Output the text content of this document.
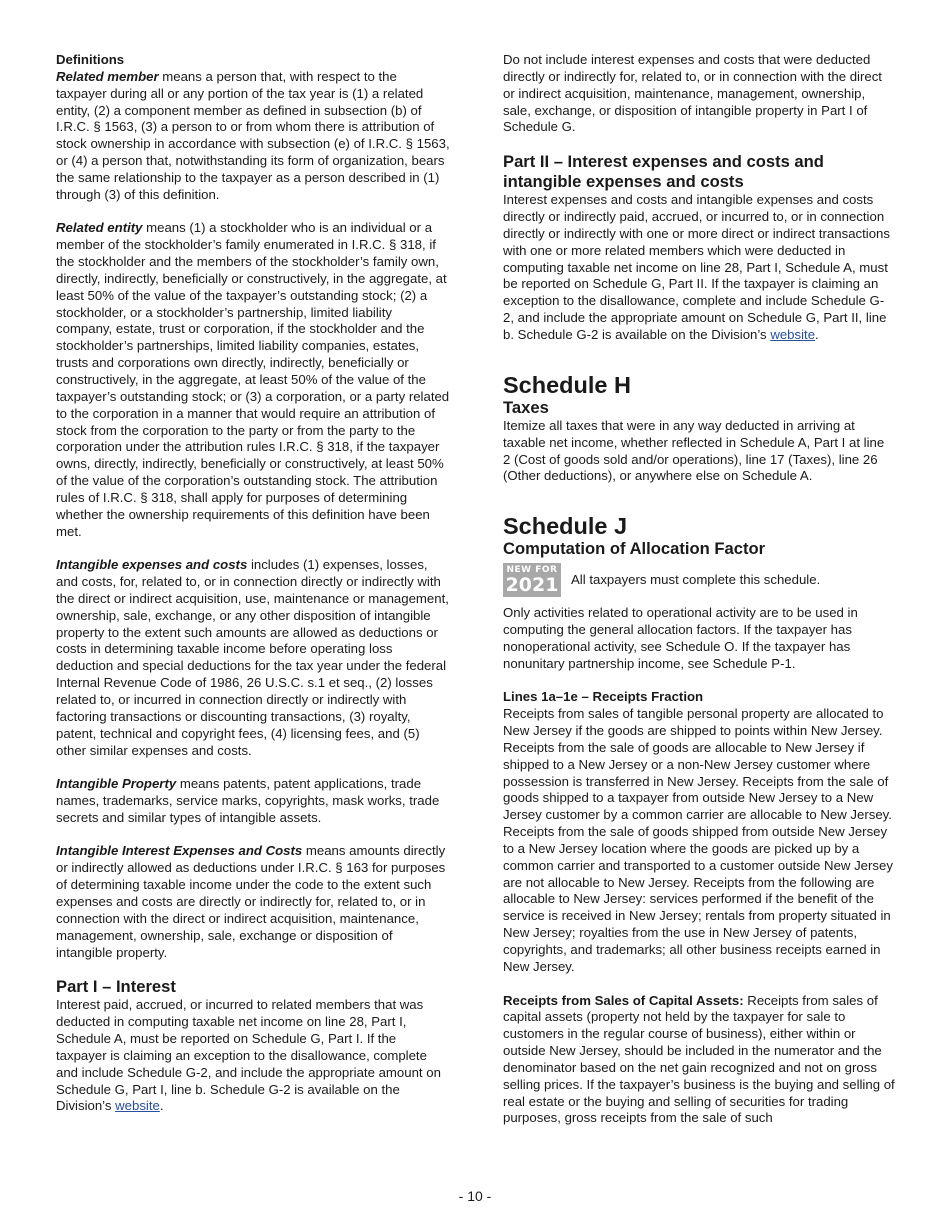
Definitions

Related member means a person that, with respect to the taxpayer during all or any portion of the tax year is (1) a related entity, (2) a component member as defined in subsection (b) of I.R.C. § 1563, (3) a person to or from whom there is attribution of stock ownership in accordance with subsection (e) of I.R.C. § 1563, or (4) a person that, notwithstanding its form of organization, bears the same relationship to the taxpayer as a person described in (1) through (3) of this definition.

Related entity means (1) a stockholder who is an individual or a member of the stockholder’s family enumerated in I.R.C. § 318, if the stockholder and the members of the stockholder’s family own, directly, indirectly, beneficially or constructively, in the aggregate, at least 50% of the value of the taxpayer’s outstanding stock; (2) a stockholder, or a stockholder’s partnership, limited liability company, estate, trust or corporation, if the stockholder and the stockholder’s partnerships, limited liability companies, estates, trusts and corporations own directly, indirectly, beneficially or constructively, in the aggregate, at least 50% of the value of the taxpayer’s outstanding stock; or (3) a corporation, or a party related to the corporation in a manner that would require an attribution of stock from the corporation to the party or from the party to the corporation under the attribution rules I.R.C. § 318, if the taxpayer owns, directly, indirectly, beneficially or constructively, at least 50% of the value of the corporation’s outstanding stock. The attribution rules of I.R.C. § 318, shall apply for purposes of determining whether the ownership requirements of this definition have been met.

Intangible expenses and costs includes (1) expenses, losses, and costs, for, related to, or in connection directly or indirectly with the direct or indirect acquisition, use, maintenance or management, ownership, sale, exchange, or any other disposition of intangible property to the extent such amounts are allowed as deductions or costs in determining taxable income before operating loss deduction and special deductions for the tax year under the federal Internal Revenue Code of 1986, 26 U.S.C. s.1 et seq., (2) losses related to, or incurred in connection directly or indirectly with factoring transactions or discounting transactions, (3) royalty, patent, technical and copyright fees, (4) licensing fees, and (5) other similar expenses and costs.

Intangible Property means patents, patent applications, trade names, trademarks, service marks, copyrights, mask works, trade secrets and similar types of intangible assets.

Intangible Interest Expenses and Costs means amounts directly or indirectly allowed as deductions under I.R.C. § 163 for purposes of determining taxable income under the code to the extent such expenses and costs are directly or indirectly for, related to, or in connection with the direct or indirect acquisition, maintenance, management, ownership, sale, exchange or disposition of intangible property.

Part I – Interest

Interest paid, accrued, or incurred to related members that was deducted in computing taxable net income on line 28, Part I, Schedule A, must be reported on Schedule G, Part I. If the taxpayer is claiming an exception to the disallowance, complete and include Schedule G-2, and include the appropriate amount on Schedule G, Part I, line b. Schedule G-2 is available on the Division’s website.

Do not include interest expenses and costs that were deducted directly or indirectly for, related to, or in connection with the direct or indirect acquisition, maintenance, management, ownership, sale, exchange, or disposition of intangible property in Part I of Schedule G.

Part II – Interest expenses and costs and intangible expenses and costs

Interest expenses and costs and intangible expenses and costs directly or indirectly paid, accrued, or incurred to, or in connection directly or indirectly with one or more direct or indirect transactions with one or more related members which were deducted in computing taxable net income on line 28, Part I, Schedule A, must be reported on Schedule G, Part II. If the taxpayer is claiming an exception to the disallowance, complete and include Schedule G-2, and include the appropriate amount on Schedule G, Part II, line b. Schedule G-2 is available on the Division’s website.

Schedule H

Taxes

Itemize all taxes that were in any way deducted in arriving at taxable net income, whether reflected in Schedule A, Part I at line 2 (Cost of goods sold and/or operations), line 17 (Taxes), line 26 (Other deductions), or anywhere else on Schedule A.

Schedule J

Computation of Allocation Factor

NEW FOR
2021 All taxpayers must complete this schedule.

Only activities related to operational activity are to be used in computing the general allocation factors. If the taxpayer has nonoperational activity, see Schedule O. If the taxpayer has nonunitary partnership income, see Schedule P-1.

Lines 1a–1e – Receipts Fraction

Receipts from sales of tangible personal property are allocated to New Jersey if the goods are shipped to points within New Jersey. Receipts from the sale of goods are allocable to New Jersey if shipped to a New Jersey or a non-New Jersey customer where possession is transferred in New Jersey. Receipts from the sale of goods shipped to a taxpayer from outside New Jersey to a New Jersey customer by a common carrier are allocable to New Jersey. Receipts from the sale of goods shipped from outside New Jersey to a New Jersey location where the goods are picked up by a common carrier and transported to a customer outside New Jersey are not allocable to New Jersey. Receipts from the following are allocable to New Jersey: services performed if the benefit of the service is received in New Jersey; rentals from property situated in New Jersey; royalties from the use in New Jersey of patents, copyrights, and trademarks; all other business receipts earned in New Jersey.

Receipts from Sales of Capital Assets: Receipts from sales of capital assets (property not held by the taxpayer for sale to customers in the regular course of business), either within or outside New Jersey, should be included in the numerator and the denominator based on the net gain recognized and not on gross selling prices. If the taxpayer’s business is the buying and selling of real estate or the buying and selling of securities for trading purposes, gross receipts from the sale of such

- 10 -
